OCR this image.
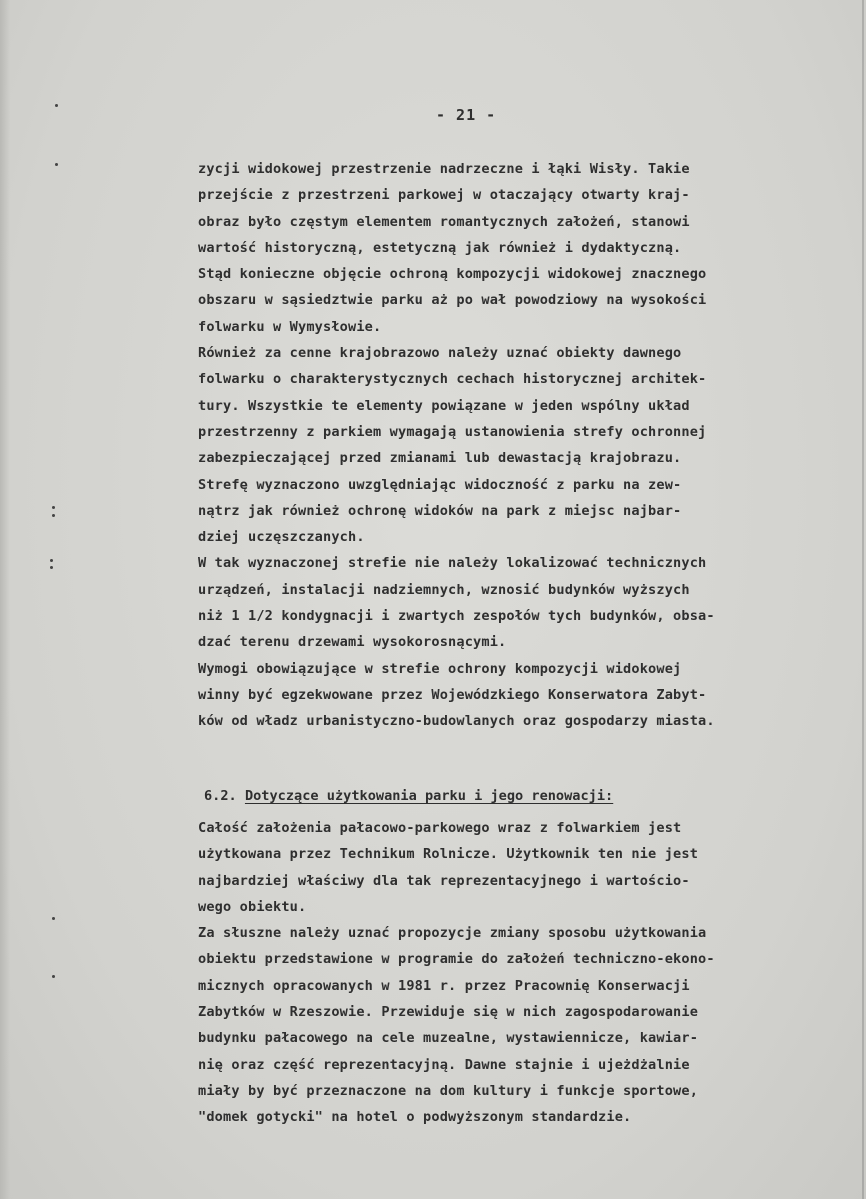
- 21 -
zycji widokowej przestrzenie nadrzeczne i łąki Wisły. Takie
przejście z przestrzeni parkowej w otaczający otwarty kraj-
obraz było częstym elementem romantycznych założeń, stanowi
wartość historyczną, estetyczną jak również i dydaktyczną.
Stąd konieczne objęcie ochroną kompozycji widokowej znacznego
obszaru w sąsiedztwie parku aż po wał powodziowy na wysokości
folwarku w Wymysłowie.
Również za cenne krajobrazowo należy uznać obiekty dawnego
folwarku o charakterystycznych cechach historycznej architek-
tury. Wszystkie te elementy powiązane w jeden wspólny układ
przestrzenny z parkiem wymagają ustanowienia strefy ochronnej
zabezpieczającej przed zmianami lub dewastacją krajobrazu.
Strefę wyznaczono uwzględniając widoczność z parku na zew-
nątrz jak również ochronę widoków na park z miejsc najbar-
dziej uczęszczanych.
W tak wyznaczonej strefie nie należy lokalizować technicznych
urządzeń, instalacji nadziemnych, wznosić budynków wyższych
niż 1 1/2 kondygnacji i zwartych zespołów tych budynków, obsa-
dzać terenu drzewami wysokorosnącymi.
Wymogi obowiązujące w strefie ochrony kompozycji widokowej
winny być egzekwowane przez Wojewódzkiego Konserwatora Zabyt-
ków od władz urbanistyczno-budowlanych oraz gospodarzy miasta.
6.2. Dotyczące użytkowania parku i jego renowacji:
Całość założenia pałacowo-parkowego wraz z folwarkiem jest
użytkowana przez Technikum Rolnicze. Użytkownik ten nie jest
najbardziej właściwy dla tak reprezentacyjnego i wartościo-
wego obiektu.
Za słuszne należy uznać propozycje zmiany sposobu użytkowania
obiektu przedstawione w programie do założeń techniczno-ekono-
micznych opracowanych w 1981 r. przez Pracownię Konserwacji
Zabytków w Rzeszowie. Przewiduje się w nich zagospodarowanie
budynku pałacowego na cele muzealne, wystawiennicze, kawiar-
nię oraz część reprezentacyjną. Dawne stajnie i ujeżdżalnie
miały by być przeznaczone na dom kultury i funkcje sportowe,
"domek gotycki" na hotel o podwyższonym standardzie.
